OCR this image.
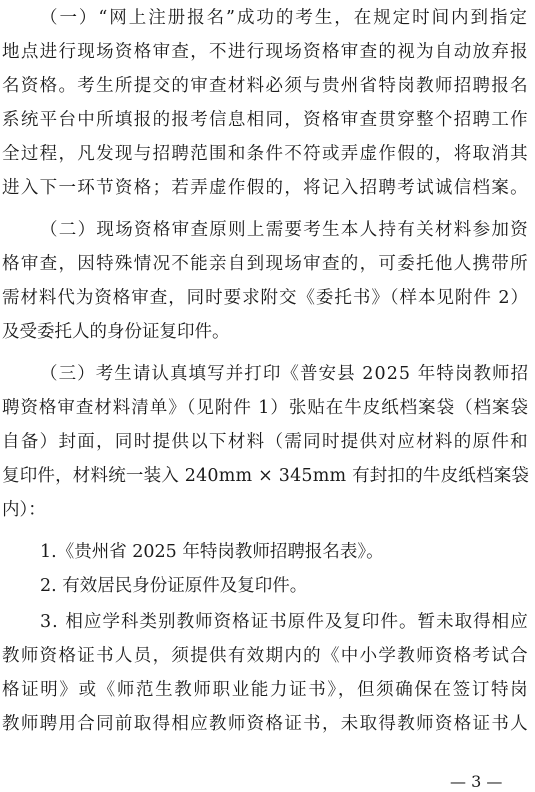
（一）“网上注册报名”成功的考生，在规定时间内到指定
地点进行现场资格审查，不进行现场资格审查的视为自动放弃报
名资格。考生所提交的审查材料必须与贵州省特岗教师招聘报名
系统平台中所填报的报考信息相同，资格审查贯穿整个招聘工作
全过程，凡发现与招聘范围和条件不符或弄虚作假的，将取消其
进入下一环节资格；若弄虚作假的，将记入招聘考试诚信档案。
（二）现场资格审查原则上需要考生本人持有关材料参加资
格审查，因特殊情况不能亲自到现场审查的，可委托他人携带所
需材料代为资格审查，同时要求附交《委托书》（样本见附件 2）
及受委托人的身份证复印件。
（三）考生请认真填写并打印《普安县 2025 年特岗教师招
聘资格审查材料清单》（见附件 1）张贴在牛皮纸档案袋（档案袋
自备）封面，同时提供以下材料（需同时提供对应材料的原件和
复印件，材料统一装入 240mm × 345mm 有封扣的牛皮纸档案袋
内）：
1.《贵州省 2025 年特岗教师招聘报名表》。
2. 有效居民身份证原件及复印件。
3. 相应学科类别教师资格证书原件及复印件。暂未取得相应
教师资格证书人员，须提供有效期内的《中小学教师资格考试合
格证明》或《师范生教师职业能力证书》，但须确保在签订特岗
教师聘用合同前取得相应教师资格证书，未取得教师资格证书人
— 3 —
